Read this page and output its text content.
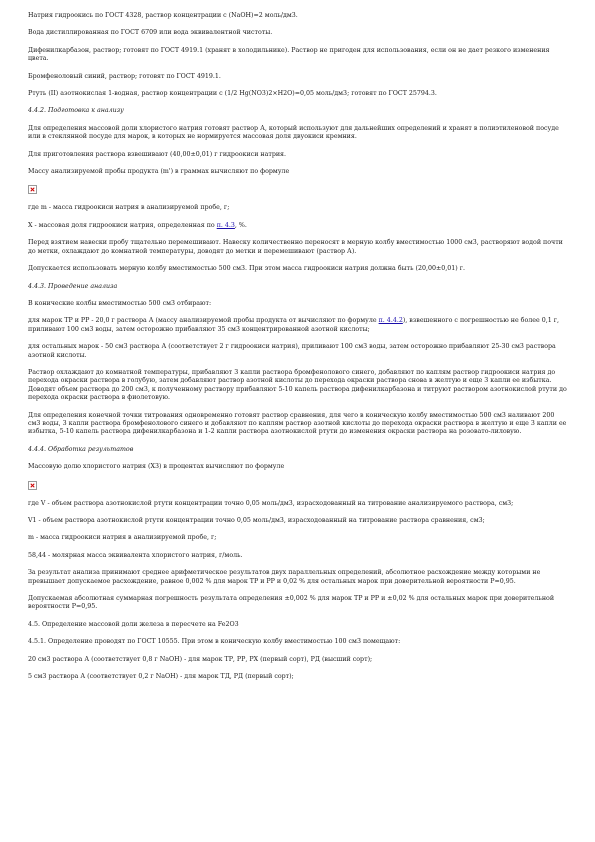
Натрия гидроокись по ГОСТ 4328, раствор концентрации с (NaOH)=2 моль/дм3.

Вода дистиллированная по ГОСТ 6709 или вода эквивалентной чистоты.

Дифенилкарбазон, раствор; готовят по ГОСТ 4919.1 (хранят в холодильнике). Раствор не пригоден для использования, если он не дает резкого изменения цвета.

Бромфеноловый синий, раствор; готовят по ГОСТ 4919.1.

Ртуть (II) азотнокислая 1-водная, раствор концентрации с (1/2 Hg(NO3)2×H2O)=0,05 моль/дм3; готовят по ГОСТ 25794.3.

4.4.2. Подготовка к анализу

Для определения массовой доли хлористого натрия готовят раствор А, который используют для дальнейших определений и хранят в полиэтиленовой посуде или в стеклянной посуде для марок, в которых не нормируется массовая доля двуокиси кремния.

Для приготовления раствора взвешивают (40,00±0,01) г гидроокиси натрия.

Массу анализируемой пробы продукта (m') в граммах вычисляют по формуле

где m - масса гидроокиси натрия в анализируемой пробе, г;

X - массовая доля гидроокиси натрия, определенная по п. 4.3, %.

Перед взятием навески пробу тщательно перемешивают. Навеску количественно переносят в мерную колбу вместимостью 1000 см3, растворяют водой почти до метки, охлаждают до комнатной температуры, доводят до метки и перемешивают (раствор А).

Допускается использовать мерную колбу вместимостью 500 см3. При этом масса гидроокиси натрия должна быть (20,00±0,01) г.

4.4.3. Проведение анализа

В конические колбы вместимостью 500 см3 отбирают:

для марок ТР и РР - 20,0 г раствора А (массу анализируемой пробы продукта от вычисляют по формуле п. 4.4.2), взвешенного с погрешностью не более 0,1 г, приливают 100 см3 воды, затем осторожно прибавляют 35 см3 концентрированной азотной кислоты;

для остальных марок - 50 см3 раствора А (соответствует 2 г гидроокиси натрия), приливают 100 см3 воды, затем осторожно прибавляют 25-30 см3 раствора азотной кислоты.

Раствор охлаждают до комнатной температуры, прибавляют 3 капли раствора бромфенолового синего, добавляют по каплям раствор гидроокиси натрия до перехода окраски раствора в голубую, затем добавляют раствор азотной кислоты до перехода окраски раствора снова в желтую и еще 3 капли ее избытка. Доводят объем раствора до 200 см3, к полученному раствору прибавляют 5-10 капель раствора дифенилкарбазона и титруют раствором азотнокислой ртути до перехода окраски раствора в фиолетовую.

Для определения конечной точки титрования одновременно готовят раствор сравнения, для чего в коническую колбу вместимостью 500 см3 наливают 200 см3 воды, 3 капли раствора бромфенолового синего и добавляют по каплям раствор азотной кислоты до перехода окраски раствора в желтую и еще 3 капли ее избытка, 5-10 капель раствора дифенилкарбазона и 1-2 капли раствора азотнокислой ртути до изменения окраски раствора на розовато-лиловую.

4.4.4. Обработка результатов

Массовую долю хлористого натрия (X3) в процентах вычисляют по формуле

где V - объем раствора азотнокислой ртути концентрации точно 0,05 моль/дм3, израсходованный на титрование анализируемого раствора, см3;

V1 - объем раствора азотнокислой ртути концентрации точно 0,05 моль/дм3, израсходованный на титрование раствора сравнения, см3;

m - масса гидроокиси натрия в анализируемой пробе, г;

58,44 - молярная масса эквивалента хлористого натрия, г/моль.

За результат анализа принимают среднее арифметическое результатов двух параллельных определений, абсолютное расхождение между которыми не превышает допускаемое расхождение, равное 0,002 % для марок ТР и РР и 0,02 % для остальных марок при доверительной вероятности Р=0,95.

Допускаемая абсолютная суммарная погрешность результата определения ±0,002 % для марок ТР и РР и ±0,02 % для остальных марок при доверительной вероятности Р=0,95.

4.5. Определение массовой доли железа в пересчете на Fe2O3

4.5.1. Определение проводят по ГОСТ 10555. При этом в коническую колбу вместимостью 100 см3 помещают:

20 см3 раствора А (соответствует 0,8 г NaOH) - для марок ТР, РР, РХ (первый сорт), РД (высший сорт);

5 см3 раствора А (соответствует 0,2 г NaOH) - для марок ТД, РД (первый сорт);
